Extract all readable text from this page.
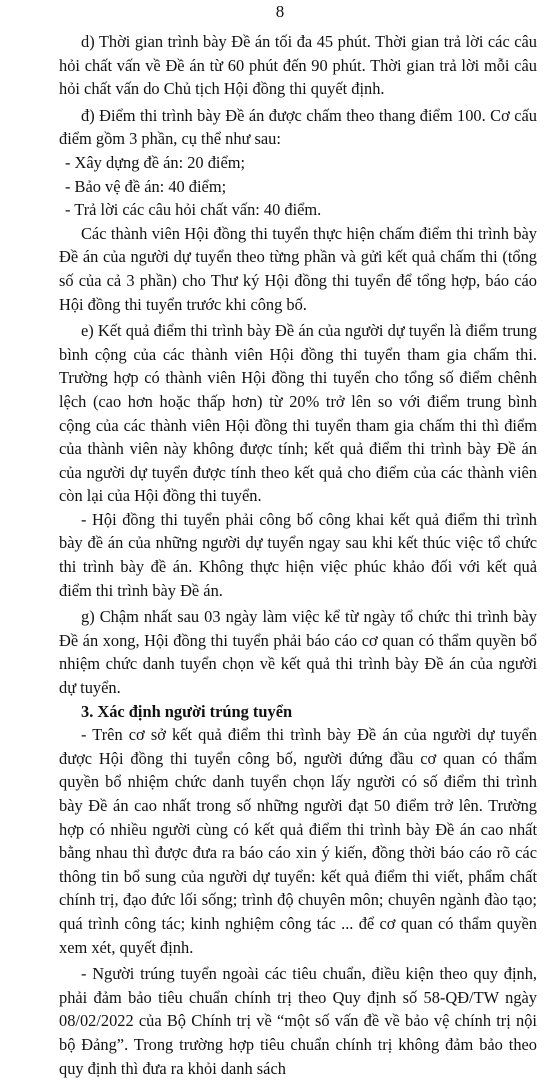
8

d) Thời gian trình bày Đề án tối đa 45 phút. Thời gian trả lời các câu hỏi chất vấn về Đề án từ 60 phút đến 90 phút. Thời gian trả lời mỗi câu hỏi chất vấn do Chủ tịch Hội đồng thi quyết định.

đ) Điểm thi trình bày Đề án được chấm theo thang điểm 100. Cơ cấu điểm gồm 3 phần, cụ thể như sau:

- Xây dựng đề án: 20 điểm;

- Bảo vệ đề án: 40 điểm;

- Trả lời các câu hỏi chất vấn: 40 điểm.

Các thành viên Hội đồng thi tuyển thực hiện chấm điểm thi trình bày Đề án của người dự tuyển theo từng phần và gửi kết quả chấm thi (tổng số của cả 3 phần) cho Thư ký Hội đồng thi tuyển để tổng hợp, báo cáo Hội đồng thi tuyển trước khi công bố.

e) Kết quả điểm thi trình bày Đề án của người dự tuyển là điểm trung bình cộng của các thành viên Hội đồng thi tuyển tham gia chấm thi. Trường hợp có thành viên Hội đồng thi tuyển cho tổng số điểm chênh lệch (cao hơn hoặc thấp hơn) từ 20% trở lên so với điểm trung bình cộng của các thành viên Hội đồng thi tuyển tham gia chấm thi thì điểm của thành viên này không được tính; kết quả điểm thi trình bày Đề án của người dự tuyển được tính theo kết quả cho điểm của các thành viên còn lại của Hội đồng thi tuyển.

- Hội đồng thi tuyển phải công bố công khai kết quả điểm thi trình bày đề án của những người dự tuyển ngay sau khi kết thúc việc tổ chức thi trình bày đề án. Không thực hiện việc phúc khảo đối với kết quả điểm thi trình bày Đề án.

g) Chậm nhất sau 03 ngày làm việc kể từ ngày tổ chức thi trình bày Đề án xong, Hội đồng thi tuyển phải báo cáo cơ quan có thẩm quyền bổ nhiệm chức danh tuyển chọn về kết quả thi trình bày Đề án của người dự tuyển.

3. Xác định người trúng tuyển

- Trên cơ sở kết quả điểm thi trình bày Đề án của người dự tuyển được Hội đồng thi tuyển công bố, người đứng đầu cơ quan có thẩm quyền bổ nhiệm chức danh tuyển chọn lấy người có số điểm thi trình bày Đề án cao nhất trong số những người đạt 50 điểm trở lên. Trường hợp có nhiều người cùng có kết quả điểm thi trình bày Đề án cao nhất bằng nhau thì được đưa ra báo cáo xin ý kiến, đồng thời báo cáo rõ các thông tin bổ sung của người dự tuyển: kết quả điểm thi viết, phẩm chất chính trị, đạo đức lối sống; trình độ chuyên môn; chuyên ngành đào tạo; quá trình công tác; kinh nghiệm công tác ... để cơ quan có thẩm quyền xem xét, quyết định.

- Người trúng tuyển ngoài các tiêu chuẩn, điều kiện theo quy định, phải đảm bảo tiêu chuẩn chính trị theo Quy định số 58-QĐ/TW ngày 08/02/2022 của Bộ Chính trị về “một số vấn đề về bảo vệ chính trị nội bộ Đảng”. Trong trường hợp tiêu chuẩn chính trị không đảm bảo theo quy định thì đưa ra khỏi danh sách
